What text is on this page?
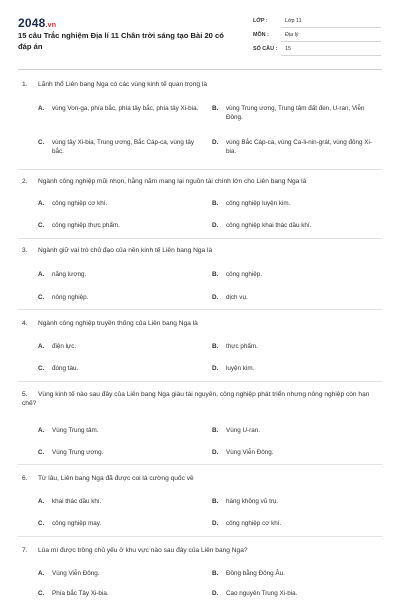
2048.vn
15 câu Trắc nghiệm Địa lí 11 Chân trời sáng tạo Bài 20 có đáp án
LỚP :	Lớp 11
MÔN :	Địa lý
SỐ CÂU : 15
1. Lãnh thổ Liên bang Nga có các vùng kinh tế quan trọng là
A. vùng Von-ga, phía bắc, phía tây bắc, phía tây Xi-bia.	B. vùng Trung ương, Trung tâm đất đen, U-ran, Viễn Đông.
C. vùng tây Xi-bia, Trung ương, Bắc Cáp-ca, vùng tây bắc.
D. vùng Bắc Cáp-ca, vùng Ca-li-nin-grát, vùng đông Xi-bia.
2. Ngành công nghiệp mũi nhọn, hằng năm mang lại nguồn tài chính lớn cho Liên bang Nga là
A. công nghiệp cơ khí.	B. công nghiệp luyện kim.
C. công nghiệp thực phẩm.	D. công nghiệp khai thác dầu khí.
3. Ngành giữ vai trò chủ đạo của nền kinh tế Liên bang Nga là
A. năng lượng.	B. công nghiệp.
C. nông nghiệp.	D. dịch vụ.
4. Ngành công nghiệp truyền thống của Liên bang Nga là
A. điện lực.	B. thực phẩm.
C. đóng tàu.	D. luyện kim.
5. Vùng kinh tế nào sau đây của Liên bang Nga giàu tài nguyên, công nghiệp phát triển nhưng nông nghiệp còn hạn chế?
A. Vùng Trung tâm.	B. Vùng U-ran.
C. Vùng Trung ương.	D. Vùng Viễn Đông.
6. Từ lâu, Liên bang Nga đã được coi là cường quốc về
A. khai thác dầu khí.	B. hàng không vũ trụ.
C. công nghiệp may.	D. công nghiệp cơ khí.
7. Lúa mì được trồng chủ yếu ở khu vực nào sau đây của Liên bang Nga?
A. Vùng Viễn Đông.	B. Đồng bằng Đông Âu.
C. Phía bắc Tây Xi-bia.	D. Cao nguyên Trung Xi-bia.
